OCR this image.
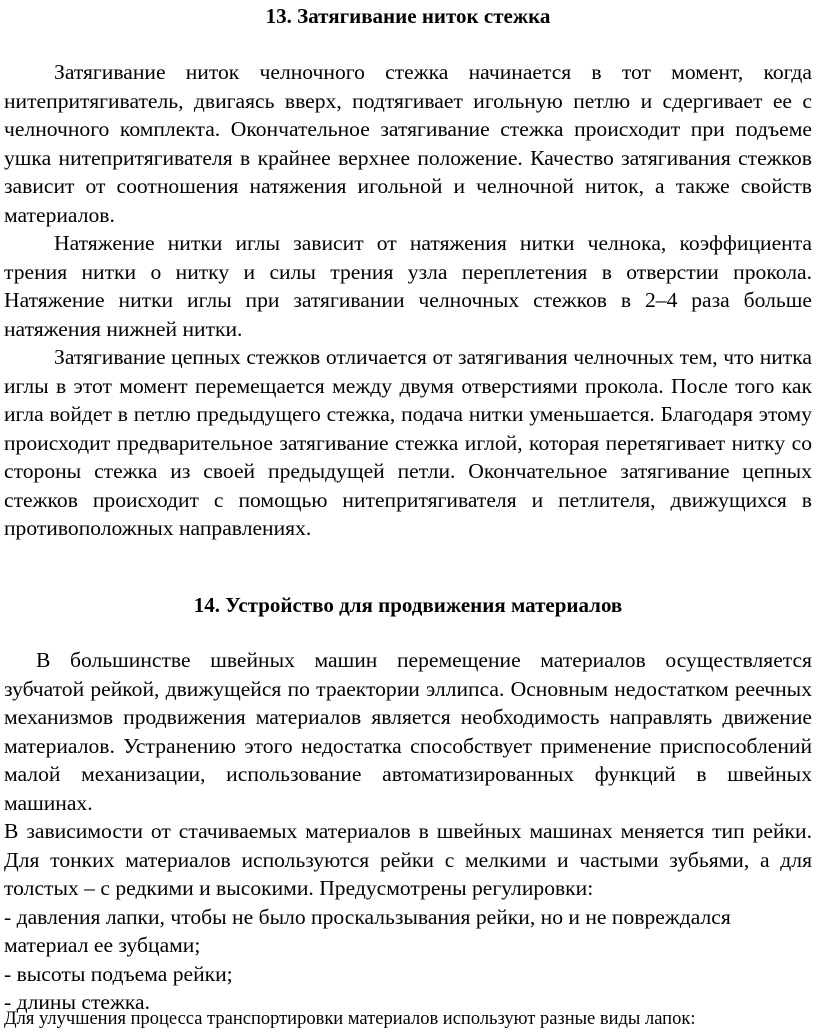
13. Затягивание ниток стежка

Затягивание ниток челночного стежка начинается в тот момент, когда нитепритягиватель, двигаясь вверх, подтягивает игольную петлю и сдергивает ее с челночного комплекта. Окончательное затягивание стежка происходит при подъеме ушка нитепритягивателя в крайнее верхнее положение. Качество затягивания стежков зависит от соотношения натяжения игольной и челночной ниток, а также свойств материалов.

Натяжение нитки иглы зависит от натяжения нитки челнока, коэффициента трения нитки о нитку и силы трения узла переплетения в отверстии прокола. Натяжение нитки иглы при затягивании челночных стежков в 2–4 раза больше натяжения нижней нитки.

Затягивание цепных стежков отличается от затягивания челночных тем, что нитка иглы в этот момент перемещается между двумя отверстиями прокола. После того как игла войдет в петлю предыдущего стежка, подача нитки уменьшается. Благодаря этому происходит предварительное затягивание стежка иглой, которая перетягивает нитку со стороны стежка из своей предыдущей петли. Окончательное затягивание цепных стежков происходит с помощью нитепритягивателя и петлителя, движущихся в противоположных направлениях.

14. Устройство для продвижения материалов

В большинстве швейных машин перемещение материалов осуществляется зубчатой рейкой, движущейся по траектории эллипса. Основным недостатком реечных механизмов продвижения материалов является необходимость направлять движение материалов. Устранению этого недостатка способствует применение приспособлений малой механизации, использование автоматизированных функций в швейных машинах.

В зависимости от стачиваемых материалов в швейных машинах меняется тип рейки. Для тонких материалов используются рейки с мелкими и частыми зубьями, а для толстых – с редкими и высокими. Предусмотрены регулировки:

- давления лапки, чтобы не было проскальзывания рейки, но и не повреждался материал ее зубцами;

- высоты подъема рейки;

- длины стежка.

Для улучшения процесса транспортировки материалов используют разные виды лапок:
